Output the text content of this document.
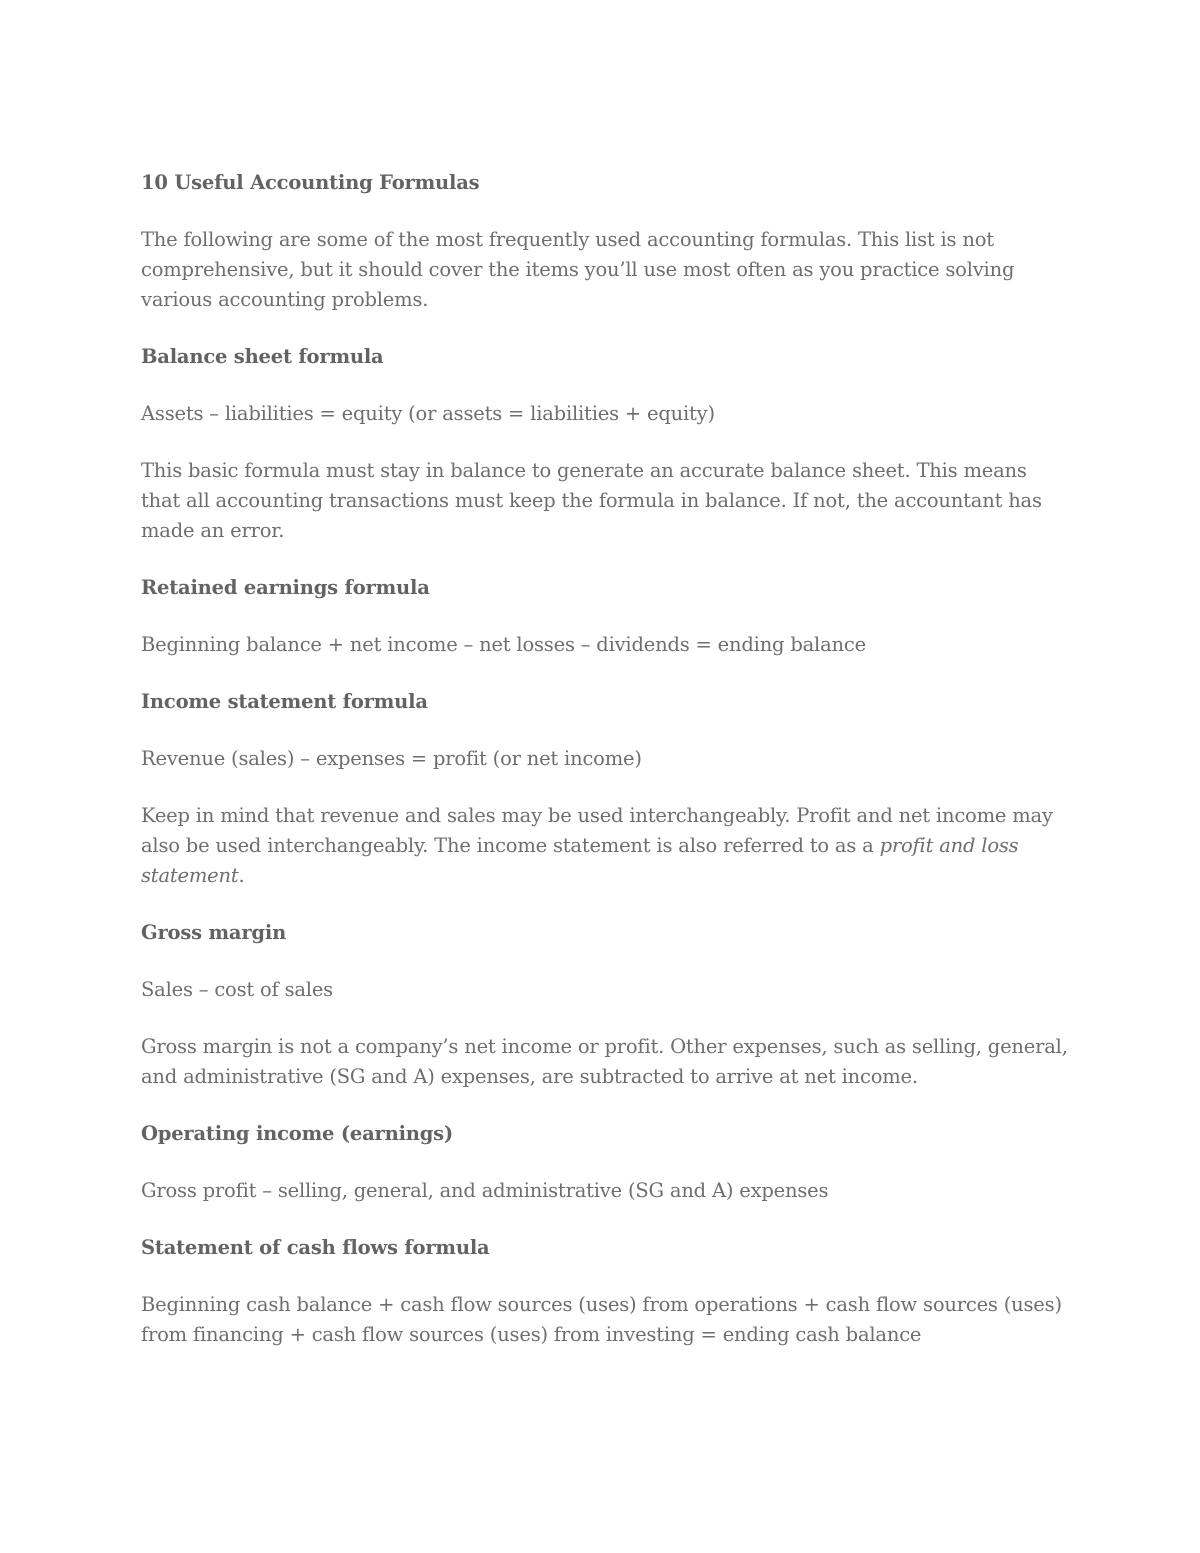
10 Useful Accounting Formulas

The following are some of the most frequently used accounting formulas. This list is not comprehensive, but it should cover the items you’ll use most often as you practice solving various accounting problems.

Balance sheet formula

Assets – liabilities = equity (or assets = liabilities + equity)

This basic formula must stay in balance to generate an accurate balance sheet. This means that all accounting transactions must keep the formula in balance. If not, the accountant has made an error.

Retained earnings formula

Beginning balance + net income – net losses – dividends = ending balance

Income statement formula

Revenue (sales) – expenses = profit (or net income)

Keep in mind that revenue and sales may be used interchangeably. Profit and net income may also be used interchangeably. The income statement is also referred to as a profit and loss statement.

Gross margin

Sales – cost of sales

Gross margin is not a company’s net income or profit. Other expenses, such as selling, general, and administrative (SG and A) expenses, are subtracted to arrive at net income.

Operating income (earnings)

Gross profit – selling, general, and administrative (SG and A) expenses

Statement of cash flows formula

Beginning cash balance + cash flow sources (uses) from operations + cash flow sources (uses) from financing + cash flow sources (uses) from investing = ending cash balance
